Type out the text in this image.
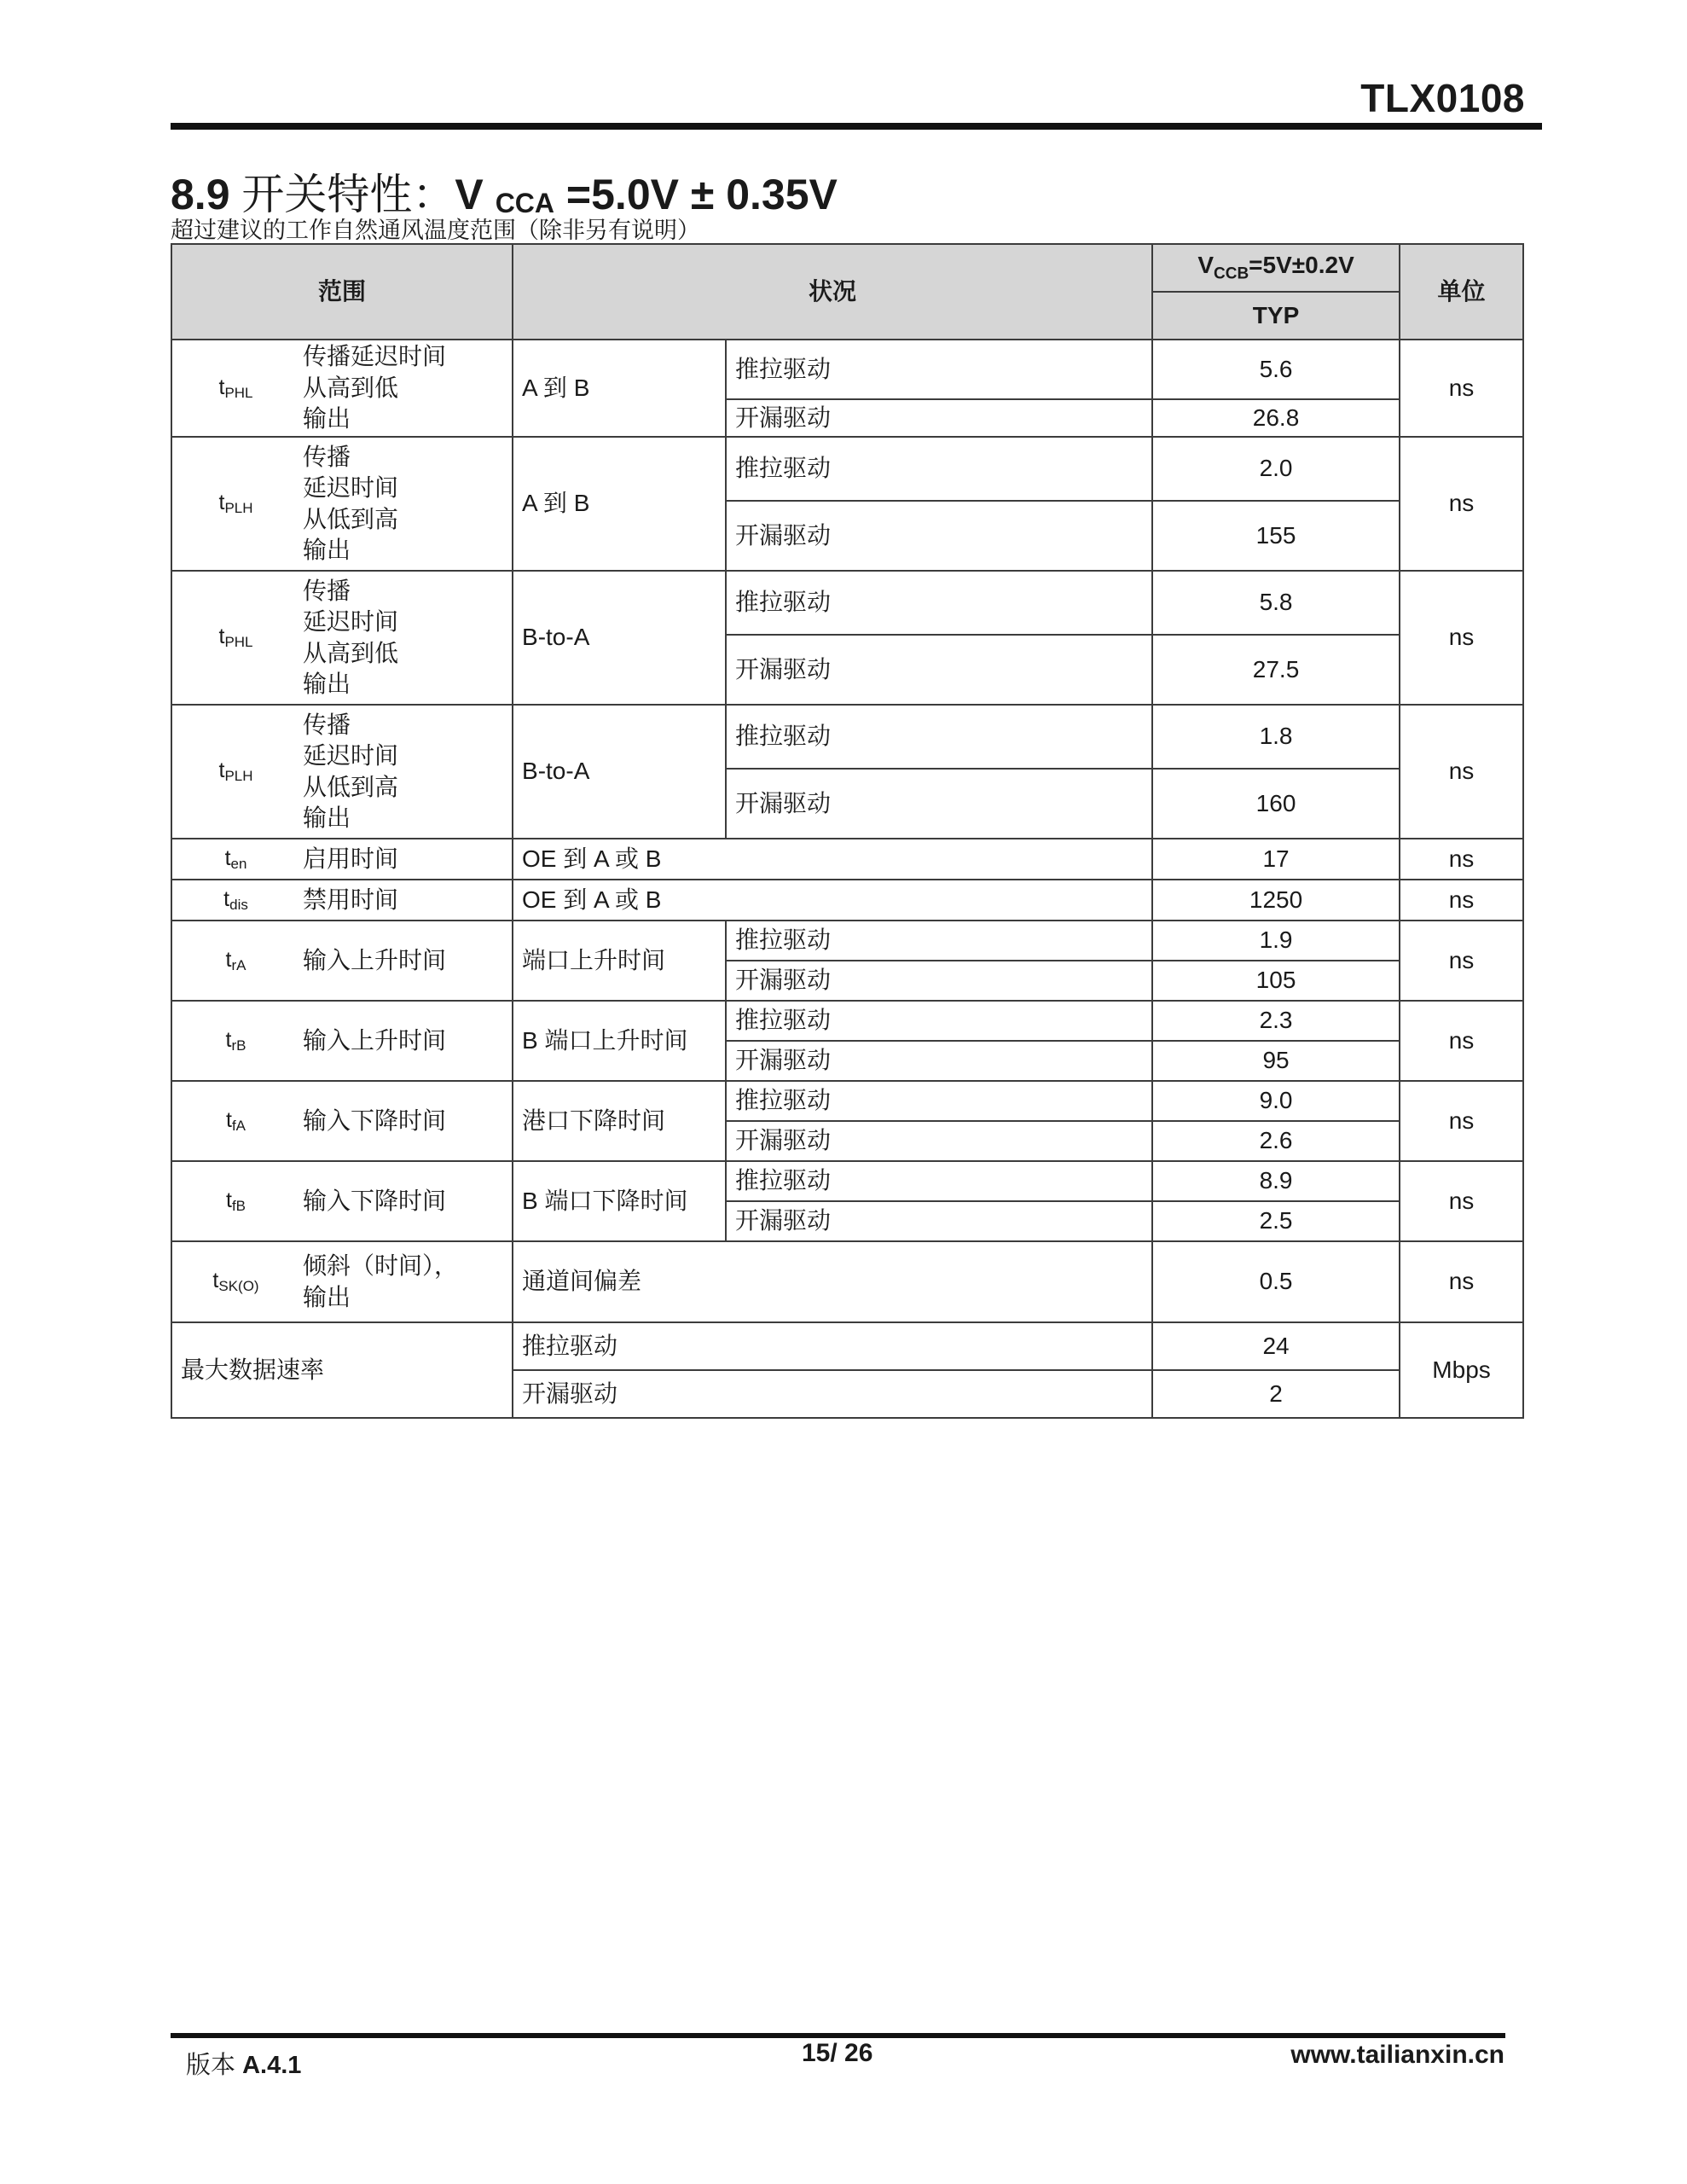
TLX0108
8.9 开关特性：V $_{CCA}$ =5.0V ± 0.35V
超过建议的工作自然通风温度范围（除非另有说明）
范围		状况		$V_{CCB}=5V\pm 0.2V$	单位
				TYP	
$t_{PHL}$	传播延迟时间
从高到低
输出	A 到 B	推拉驱动	5.6	ns
			开漏驱动	26.8	
$t_{PLH}$	传播
延迟时间
从低到高
输出	A 到 B	推拉驱动	2.0	ns
			开漏驱动	155	
$t_{PHL}$	传播
延迟时间
从高到低
输出	B-to-A	推拉驱动	5.8	ns
			开漏驱动	27.5	
$t_{PLH}$	传播
延迟时间
从低到高
输出	B-to-A	推拉驱动	1.8	ns
			开漏驱动	160	
$t_{en}$	启用时间	OE 到 A 或 B		17	ns
$t_{dis}$	禁用时间	OE 到 A 或 B		1250	ns
$t_{rA}$	输入上升时间	端口上升时间	推拉驱动	1.9	ns
			开漏驱动	105	
$t_{rB}$	输入上升时间	B 端口上升时间	推拉驱动	2.3	ns
			开漏驱动	95	
$t_{fA}$	输入下降时间	港口下降时间	推拉驱动	9.0	ns
			开漏驱动	2.6	
$t_{fB}$	输入下降时间	B 端口下降时间	推拉驱动	8.9	ns
			开漏驱动	2.5	
$t_{SK(O)}$	倾斜（时间），
输出	通道间偏差		0.5	ns
最大数据速率		推拉驱动		24	Mbps
		开漏驱动		2	
版本 A.4.1	15/ 26	www.tailianxin.cn
